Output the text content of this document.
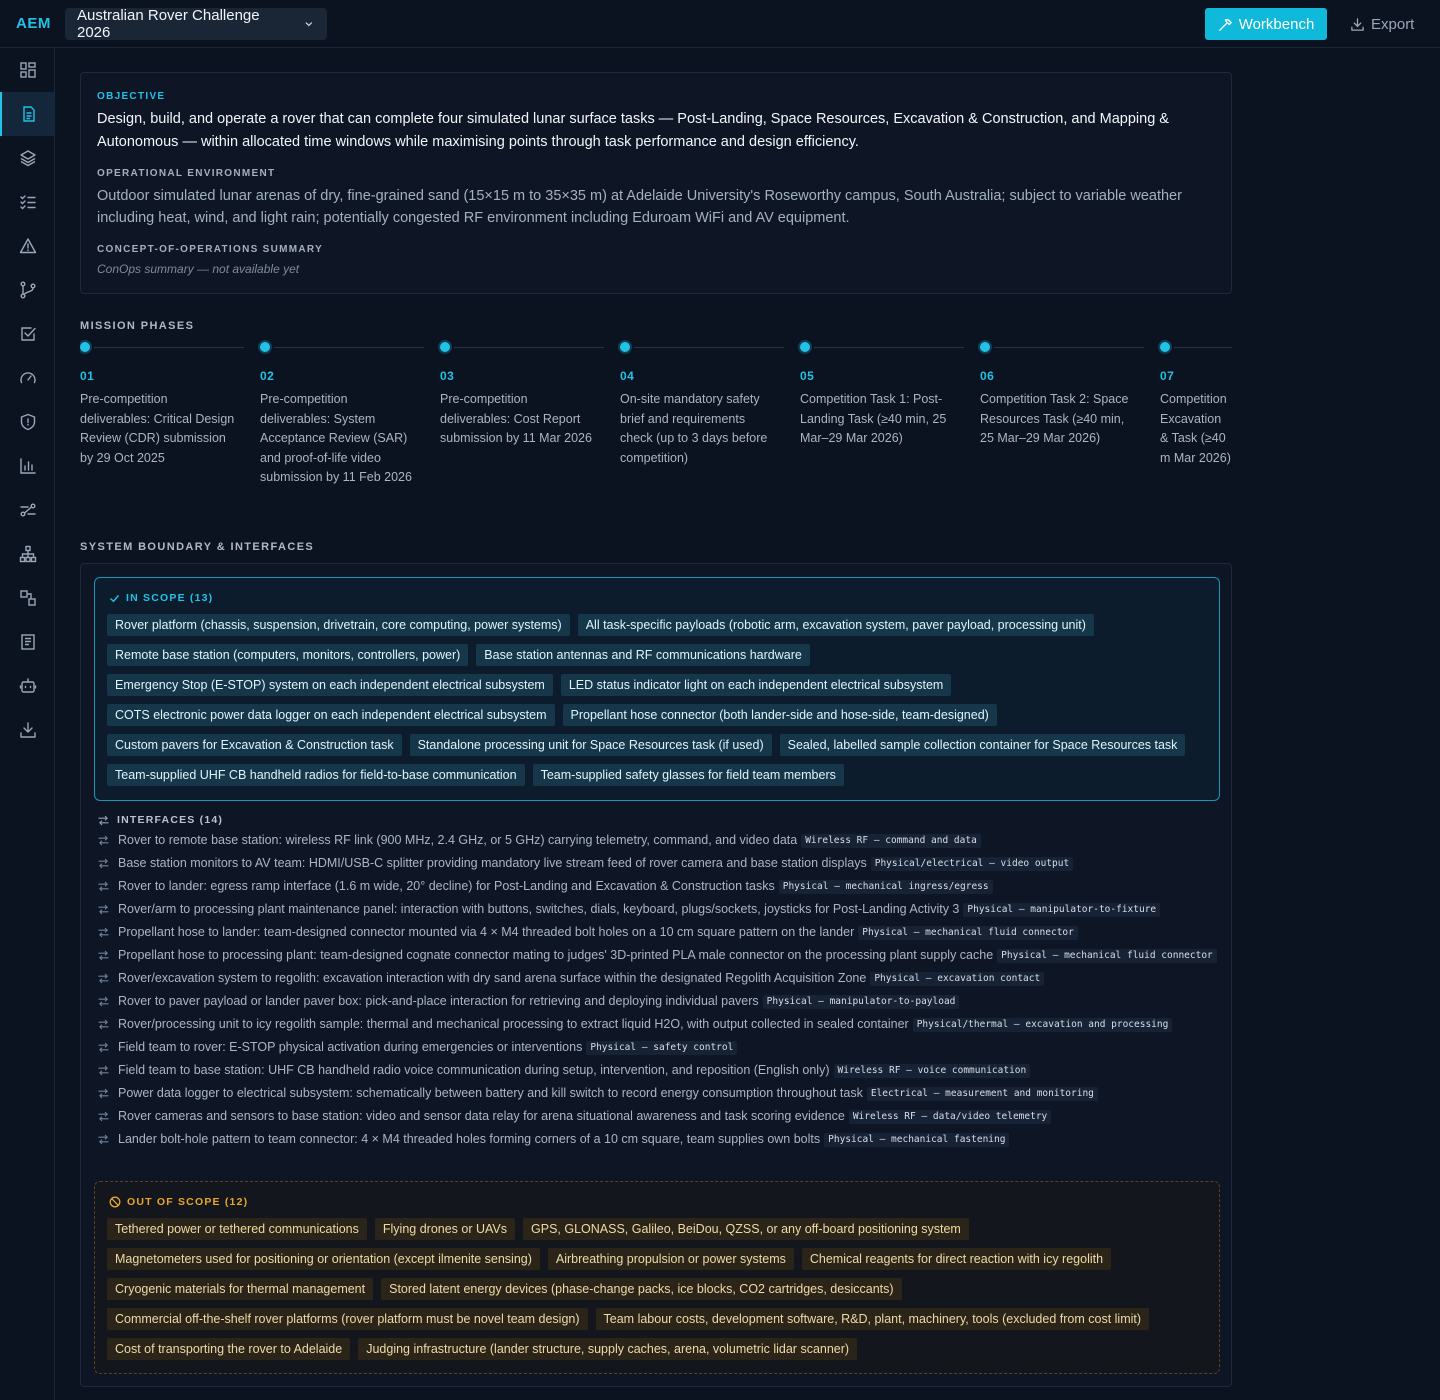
AEM Australian Rover Challenge 2026	Workbench	Export
OBJECTIVE
Design, build, and operate a rover that can complete four simulated lunar surface tasks — Post-Landing, Space Resources, Excavation & Construction, and Mapping & Autonomous — within allocated time windows while maximising points through task performance and design efficiency.
OPERATIONAL ENVIRONMENT
Outdoor simulated lunar arenas of dry, fine-grained sand (15×15 m to 35×35 m) at Adelaide University's Roseworthy campus, South Australia; subject to variable weather including heat, wind, and light rain; potentially congested RF environment including Eduroam WiFi and AV equipment.
CONCEPT-OF-OPERATIONS SUMMARY
ConOps summary — not available yet
MISSION PHASES
01
Pre-competition deliverables: Critical Design Review (CDR) submission by 29 Oct 2025
02
Pre-competition deliverables: System Acceptance Review (SAR) and proof-of-life video submission by 11 Feb 2026
03
Pre-competition deliverables: Cost Report submission by 11 Mar 2026
04
On-site mandatory safety brief and requirements check (up to 3 days before competition)
05
Competition Task 1: Post-Landing Task (≥40 min, 25 Mar–29 Mar 2026)
06
Competition Task 2: Space Resources Task (≥40 min, 25 Mar–29 Mar 2026)
07
Competition Excavation & Task (≥40 m Mar 2026)
SYSTEM BOUNDARY & INTERFACES
IN SCOPE (13)
Rover platform (chassis, suspension, drivetrain, core computing, power systems)	All task-specific payloads (robotic arm, excavation system, paver payload, processing unit)
Remote base station (computers, monitors, controllers, power)	Base station antennas and RF communications hardware
Emergency Stop (E-STOP) system on each independent electrical subsystem	LED status indicator light on each independent electrical subsystem
COTS electronic power data logger on each independent electrical subsystem	Propellant hose connector (both lander-side and hose-side, team-designed)
Custom pavers for Excavation & Construction task	Standalone processing unit for Space Resources task (if used)	Sealed, labelled sample collection container for Space Resources task
Team-supplied UHF CB handheld radios for field-to-base communication	Team-supplied safety glasses for field team members
INTERFACES (14)
Rover to remote base station: wireless RF link (900 MHz, 2.4 GHz, or 5 GHz) carrying telemetry, command, and video data Wireless RF – command and data
Base station monitors to AV team: HDMI/USB-C splitter providing mandatory live stream feed of rover camera and base station displays Physical/electrical – video output
Rover to lander: egress ramp interface (1.6 m wide, 20° decline) for Post-Landing and Excavation & Construction tasks Physical – mechanical ingress/egress
Rover/arm to processing plant maintenance panel: interaction with buttons, switches, dials, keyboard, plugs/sockets, joysticks for Post-Landing Activity 3 Physical – manipulator-to-fixture
Propellant hose to lander: team-designed connector mounted via 4 × M4 threaded bolt holes on a 10 cm square pattern on the lander Physical – mechanical fluid connector
Propellant hose to processing plant: team-designed cognate connector mating to judges' 3D-printed PLA male connector on the processing plant supply cache Physical – mechanical fluid connector
Rover/excavation system to regolith: excavation interaction with dry sand arena surface within the designated Regolith Acquisition Zone Physical – excavation contact
Rover to paver payload or lander paver box: pick-and-place interaction for retrieving and deploying individual pavers Physical – manipulator-to-payload
Rover/processing unit to icy regolith sample: thermal and mechanical processing to extract liquid H2O, with output collected in sealed container Physical/thermal – excavation and processing
Field team to rover: E-STOP physical activation during emergencies or interventions Physical – safety control
Field team to base station: UHF CB handheld radio voice communication during setup, intervention, and reposition (English only) Wireless RF – voice communication
Power data logger to electrical subsystem: schematically between battery and kill switch to record energy consumption throughout task Electrical – measurement and monitoring
Rover cameras and sensors to base station: video and sensor data relay for arena situational awareness and task scoring evidence Wireless RF – data/video telemetry
Lander bolt-hole pattern to team connector: 4 × M4 threaded holes forming corners of a 10 cm square, team supplies own bolts Physical – mechanical fastening
OUT OF SCOPE (12)
Tethered power or tethered communications	Flying drones or UAVs	GPS, GLONASS, Galileo, BeiDou, QZSS, or any off-board positioning system
Magnetometers used for positioning or orientation (except ilmenite sensing)	Airbreathing propulsion or power systems	Chemical reagents for direct reaction with icy regolith
Cryogenic materials for thermal management	Stored latent energy devices (phase-change packs, ice blocks, CO2 cartridges, desiccants)
Commercial off-the-shelf rover platforms (rover platform must be novel team design)	Team labour costs, development software, R&D, plant, machinery, tools (excluded from cost limit)
Cost of transporting the rover to Adelaide	Judging infrastructure (lander structure, supply caches, arena, volumetric lidar scanner)
